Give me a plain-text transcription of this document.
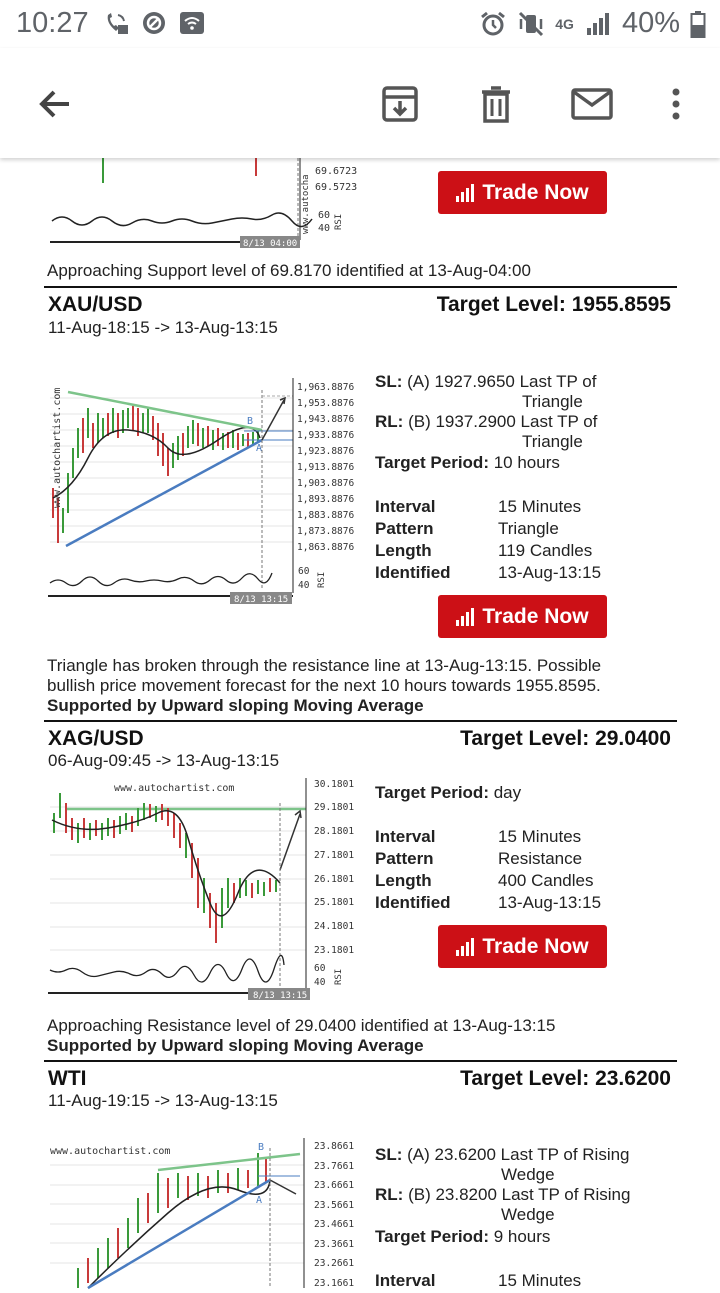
10:27	4G 40%
8/13 04:00
69.6723
69.5723
60
40 RSI
www.autocha	Trade Now
Approaching Support level of 69.8170 identified at 13-Aug-04:00
XAU/USD	Target Level: 1955.8595
11-Aug-18:15 -> 13-Aug-13:15
B
A
www.autochartist.com
1,963.8876
1,953.8876
1,943.8876
1,933.8876
1,923.8876
1,913.8876
1,903.8876
1,893.8876
1,883.8876
1,873.8876
1,863.8876
60
40 RSI
8/13 13:15
SL: (A) 1927.9650 Last TP of
Triangle
RL: (B) 1937.2900 Last TP of
Triangle
Target Period: 10 hours
Interval	15 Minutes
Pattern	Triangle
Length	119 Candles
Identified	13-Aug-13:15
Trade Now
Triangle has broken through the resistance line at 13-Aug-13:15. Possible bullish price movement forecast for the next 10 hours towards 1955.8595.
Supported by Upward sloping Moving Average
XAG/USD	Target Level: 29.0400
06-Aug-09:45 -> 13-Aug-13:15
www.autochartist.com	30.1801
29.1801
28.1801
27.1801
26.1801
25.1801
24.1801
23.1801
60
40 RSI
8/13 13:15
Target Period: day
Interval	15 Minutes
Pattern	Resistance
Length	400 Candles
Identified	13-Aug-13:15
Trade Now
Approaching Resistance level of 29.0400 identified at 13-Aug-13:15
Supported by Upward sloping Moving Average
WTI	Target Level: 23.6200
11-Aug-19:15 -> 13-Aug-13:15
www.autochartist.com	B
A
23.8661
23.7661
23.6661
23.5661
23.4661
23.3661
23.2661
23.1661
SL: (A) 23.6200 Last TP of Rising
Wedge
RL: (B) 23.8200 Last TP of Rising
Wedge
Target Period: 9 hours
Interval	15 Minutes
